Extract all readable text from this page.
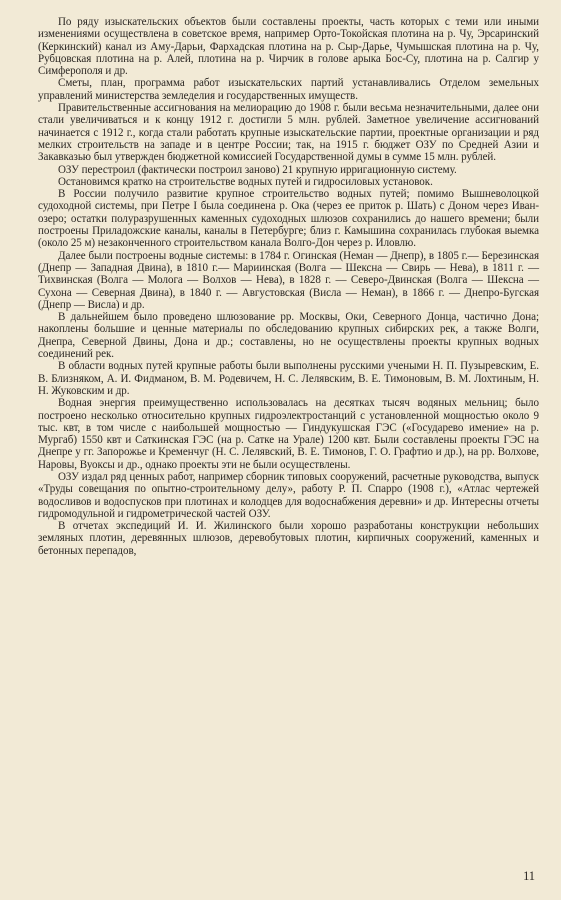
По ряду изыскательских объектов были составлены проекты, часть которых с теми или иными изменениями осуществлена в советское время, например Орто-Токойская плотина на р. Чу, Эрсаринский (Керкинский) канал из Аму-Дарьи, Фархадская плотина на р. Сыр-Дарье, Чумышская плотина на р. Чу, Рубцовская плотина на р. Алей, плотина на р. Чирчик в голове арыка Бос-Су, плотина на р. Салгир у Симферополя и др.

Сметы, план, программа работ изыскательских партий устанавливались Отделом земельных управлений министерства земледелия и государственных имуществ.

Правительственные ассигнования на мелиорацию до 1908 г. были весьма незначительными, далее они стали увеличиваться и к концу 1912 г. достигли 5 млн. рублей. Заметное увеличение ассигнований начинается с 1912 г., когда стали работать крупные изыскательские партии, проектные организации и ряд мелких строительств на западе и в центре России; так, на 1915 г. бюджет ОЗУ по Средней Азии и Закавказью был утвержден бюджетной комиссией Государственной думы в сумме 15 млн. рублей.

ОЗУ перестроил (фактически построил заново) 21 крупную ирригационную систему.

Остановимся кратко на строительстве водных путей и гидросиловых установок.

В России получило развитие крупное строительство водных путей; помимо Вышневолоцкой судоходной системы, при Петре I была соединена р. Ока (через ее приток р. Шать) с Доном через Иван-озеро; остатки полуразрушенных каменных судоходных шлюзов сохранились до нашего времени; были построены Приладожские каналы, каналы в Петербурге; близ г. Камышина сохранилась глубокая выемка (около 25 м) незаконченного строительством канала Волго-Дон через р. Иловлю.

Далее были построены водные системы: в 1784 г. Огинская (Неман — Днепр), в 1805 г.— Березинская (Днепр — Западная Двина), в 1810 г.— Мариинская (Волга — Шексна — Свирь — Нева), в 1811 г. — Тихвинская (Волга — Молога — Волхов — Нева), в 1828 г. — Северо-Двинская (Волга — Шексна — Сухона — Северная Двина), в 1840 г. — Августовская (Висла — Неман), в 1866 г. — Днепро-Бугская (Днепр — Висла) и др.

В дальнейшем было проведено шлюзование рр. Москвы, Оки, Северного Донца, частично Дона; накоплены большие и ценные материалы по обследованию крупных сибирских рек, а также Волги, Днепра, Северной Двины, Дона и др.; составлены, но не осуществлены проекты крупных водных соединений рек.

В области водных путей крупные работы были выполнены русскими учеными Н. П. Пузыревским, Е. В. Близняком, А. И. Фидманом, В. М. Родевичем, Н. С. Лелявским, В. Е. Тимоновым, В. М. Лохтиным, Н. Н. Жуковским и др.

Водная энергия преимущественно использовалась на десятках тысяч водяных мельниц; было построено несколько относительно крупных гидроэлектростанций с установленной мощностью около 9 тыс. квт, в том числе с наибольшей мощностью — Гиндукушская ГЭС («Государево имение» на р. Мургаб) 1550 квт и Саткинская ГЭС (на р. Сатке на Урале) 1200 квт. Были составлены проекты ГЭС на Днепре у гг. Запорожье и Кременчуг (Н. С. Лелявский, В. Е. Тимонов, Г. О. Графтио и др.), на рр. Волхове, Наровы, Вуоксы и др., однако проекты эти не были осуществлены.

ОЗУ издал ряд ценных работ, например сборник типовых сооружений, расчетные руководства, выпуск «Труды совещания по опытно-строительному делу», работу Р. П. Спарро (1908 г.), «Атлас чертежей водосливов и водоспусков при плотинах и колодцев для водоснабжения деревни» и др. Интересны отчеты гидромодульной и гидрометрической частей ОЗУ.

В отчетах экспедиций И. И. Жилинского были хорошо разработаны конструкции небольших земляных плотин, деревянных шлюзов, деревобутовых плотин, кирпичных сооружений, каменных и бетонных перепадов,

11
